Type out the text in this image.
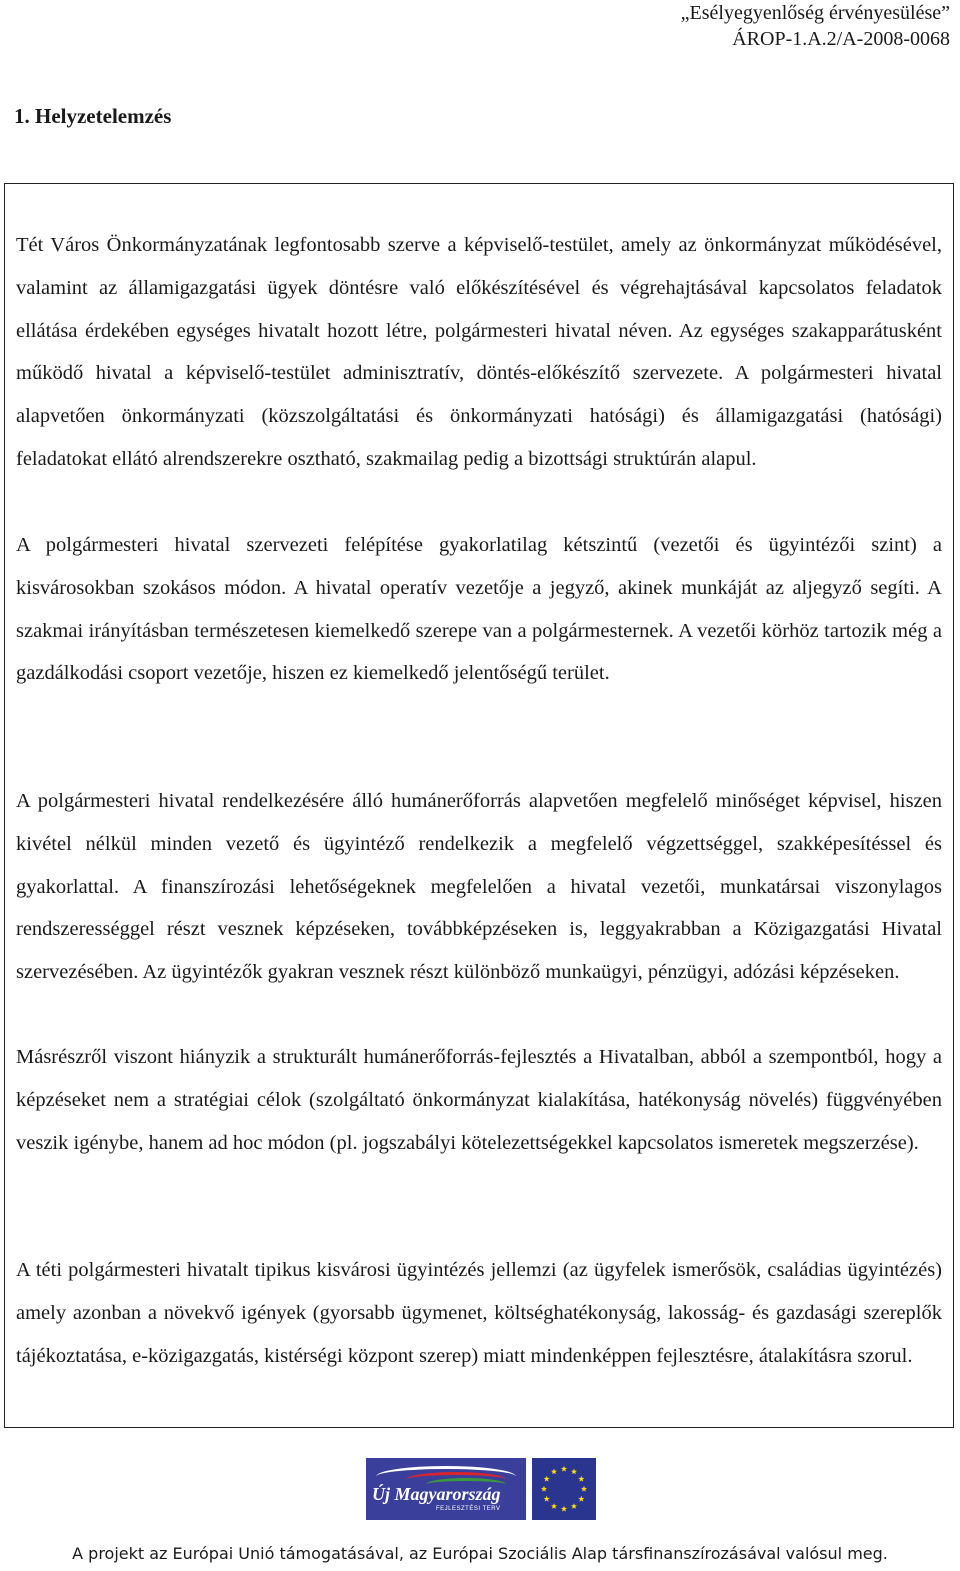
„Esélyegyenlőség érvényesülése”
ÁROP-1.A.2/A-2008-0068
1. Helyzetelemzés

Tét Város Önkormányzatának legfontosabb szerve a képviselő-testület, amely az önkormányzat működésével, valamint az államigazgatási ügyek döntésre való előkészítésével és végrehajtásával kapcsolatos feladatok ellátása érdekében egységes hivatalt hozott létre, polgármesteri hivatal néven. Az egységes szakapparátusként működő hivatal a képviselő-testület adminisztratív, döntés-előkészítő szervezete. A polgármesteri hivatal alapvetően önkormányzati (közszolgáltatási és önkormányzati hatósági) és államigazgatási (hatósági) feladatokat ellátó alrendszerekre osztható, szakmailag pedig a bizottsági struktúrán alapul.

A polgármesteri hivatal szervezeti felépítése gyakorlatilag kétszintű (vezetői és ügyintézői szint) a kisvárosokban szokásos módon. A hivatal operatív vezetője a jegyző, akinek munkáját az aljegyző segíti. A szakmai irányításban természetesen kiemelkedő szerepe van a polgármesternek. A vezetői körhöz tartozik még a gazdálkodási csoport vezetője, hiszen ez kiemelkedő jelentőségű terület.

A polgármesteri hivatal rendelkezésére álló humánerőforrás alapvetően megfelelő minőséget képvisel, hiszen kivétel nélkül minden vezető és ügyintéző rendelkezik a megfelelő végzettséggel, szakképesítéssel és gyakorlattal. A finanszírozási lehetőségeknek megfelelően a hivatal vezetői, munkatársai viszonylagos rendszerességgel részt vesznek képzéseken, továbbképzéseken is, leggyakrabban a Közigazgatási Hivatal szervezésében. Az ügyintézők gyakran vesznek részt különböző munkaügyi, pénzügyi, adózási képzéseken.

Másrészről viszont hiányzik a strukturált humánerőforrás-fejlesztés a Hivatalban, abból a szempontból, hogy a képzéseket nem a stratégiai célok (szolgáltató önkormányzat kialakítása, hatékonyság növelés) függvényében veszik igénybe, hanem ad hoc módon (pl. jogszabályi kötelezettségekkel kapcsolatos ismeretek megszerzése).

A téti polgármesteri hivatalt tipikus kisvárosi ügyintézés jellemzi (az ügyfelek ismerősök, családias ügyintézés) amely azonban a növekvő igények (gyorsabb ügymenet, költséghatékonyság, lakosság- és gazdasági szereplők tájékoztatása, e-közigazgatás, kistérségi központ szerep) miatt mindenképpen fejlesztésre, átalakításra szorul.

Új Magyarország
FEJLESZTÉSI TERV
A projekt az Európai Unió támogatásával, az Európai Szociális Alap társfinanszírozásával valósul meg.
